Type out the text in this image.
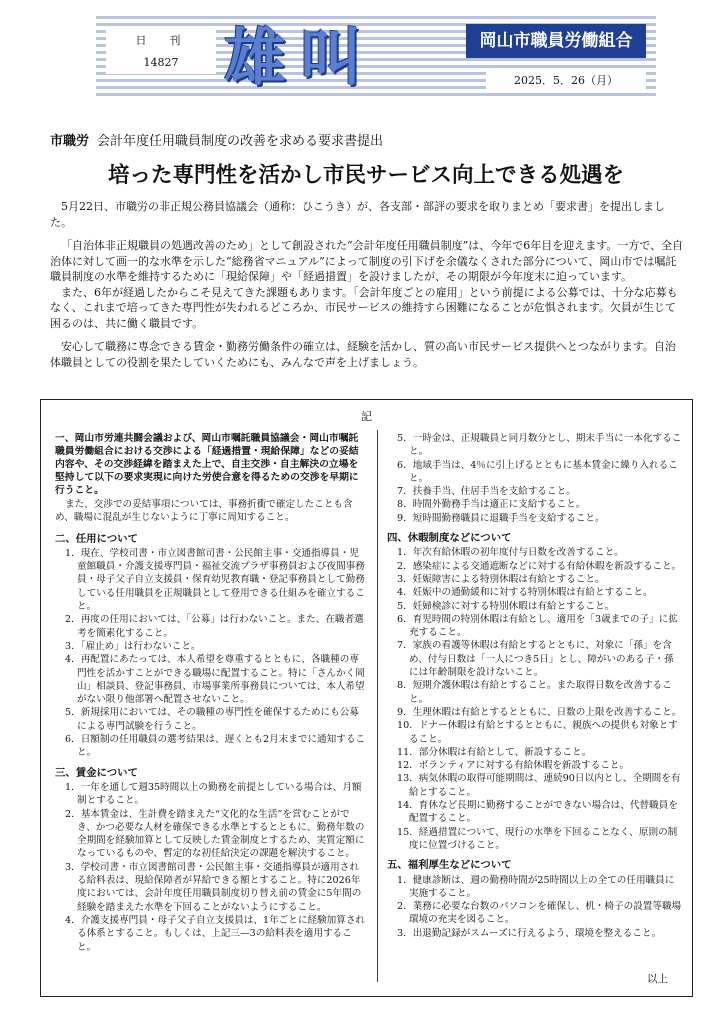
日　刊
14827 雄叫	岡山市職員労働組合
2025．5．26（月）
市職労 会計年度任用職員制度の改善を求める要求書提出
培った専門性を活かし市民サービス向上できる処遇を

5月22日、市職労の非正規公務員協議会（通称：ひこうき）が、各支部・部評の要求を取りまとめ「要求書」を提出しました。

「自治体非正規職員の処遇改善のため」として創設された“会計年度任用職員制度”は、今年で6年目を迎えます。一方で、全自治体に対して画一的な水準を示した“総務省マニュアル”によって制度の引下げを余儀なくされた部分について、岡山市では嘱託職員制度の水準を維持するために「現給保障」や「経過措置」を設けましたが、その期限が今年度末に迫っています。

また、6年が経過したからこそ見えてきた課題もあります。「会計年度ごとの雇用」という前提による公募では、十分な応募もなく、これまで培ってきた専門性が失われるどころか、市民サービスの維持すら困難になることが危惧されます。欠員が生じて困るのは、共に働く職員です。

安心して職務に専念できる賃金・勤務労働条件の確立は、経験を活かし、質の高い市民サービス提供へとつながります。自治体職員としての役割を果たしていくためにも、みんなで声を上げましょう。

記

一、岡山市労連共闘会議および、岡山市嘱託職員協議会・岡山市嘱託職員労働組合における交渉による「経過措置・現給保障」などの妥結内容や、その交渉経緯を踏まえた上で、自主交渉・自主解決の立場を堅持して以下の要求実現に向けた労使合意を得るための交渉を早期に行うこと。

また、交渉での妥結事項については、事務折衝で確定したことも含め、職場に混乱が生じないように丁寧に周知すること。

二、任用について
1．現在、学校司書・市立図書館司書・公民館主事・交通指導員・児童館職員・介護支援専門員・福祉交流プラザ事務員および夜間事務員・母子父子自立支援員・保育幼児教育職・登記事務員として勤務している任用職員を正規職員として登用できる仕組みを確立すること。
2．再度の任用においては、「公募」は行わないこと。また、在職者選考を簡素化すること。
3．「雇止め」は行わないこと。
4．再配置にあたっては、本人希望を尊重するとともに、各職種の専門性を活かすことができる職場に配置すること。特に「さんかく岡山」相談員、登記事務員、市場事業所事務員については、本人希望がない限り他部署へ配置させないこと。
5．新規採用においては、その職種の専門性を確保するためにも公募による専門試験を行うこと。
6．日額制の任用職員の選考結果は、遅くとも2月末までに通知すること。
三、賃金について
1．一年を通して週35時間以上の勤務を前提としている場合は、月額制とすること。
2．基本賃金は、生計費を踏まえた“文化的な生活”を営むことができ、かつ必要な人材を確保できる水準とするとともに、勤務年数の全期間を経験加算として反映した賃金制度とするため、実質定額になっているものや、暫定的な初任給決定の課題を解決すること。
3．学校司書・市立図書館司書・公民館主事・交通指導員が適用される給料表は、現給保障者が昇給できる額とすること。特に2026年度においては、会計年度任用職員制度切り替え前の賃金に5年間の経験を踏まえた水準を下回ることがないようにすること。
4．介護支援専門員・母子父子自立支援員は、1年ごとに経験加算される体系とすること。もしくは、上記三—3の給料表を適用すること。
5．一時金は、正規職員と同月数分とし、期末手当に一本化すること。
6．地域手当は、4％に引上げるとともに基本賃金に繰り入れること。
7．扶養手当、住居手当を支給すること。
8．時間外勤務手当は適正に支給すること。
9．短時間勤務職員に退職手当を支給すること。
四、休暇制度などについて
1．年次有給休暇の初年度付与日数を改善すること。
2．感染症による交通遮断などに対する有給休暇を新設すること。
3．妊娠障害による特別休暇は有給とすること。
4．妊娠中の通勤緩和に対する特別休暇は有給とすること。
5．妊婦検診に対する特別休暇は有給とすること。
6．育児時間の特別休暇は有給とし、適用を「3歳までの子」に拡充すること。
7．家族の看護等休暇は有給とするとともに、対象に「孫」を含め、付与日数は「一人につき5日」とし、障がいのある子・孫には年齢制限を設けないこと。
8．短期介護休暇は有給とすること。また取得日数を改善すること。
9．生理休暇は有給とするとともに、日数の上限を改善すること。
10．ドナー休暇は有給とするとともに、親族への提供も対象とすること。
11．部分休暇は有給として、新設すること。
12．ボランティアに対する有給休暇を新設すること。
13．病気休暇の取得可能期間は、連続90日以内とし、全期間を有給とすること。
14．育休など長期に勤務することができない場合は、代替職員を配置すること。
15．経過措置について、現行の水準を下回ることなく、原則の制度に位置づけること。
五、福利厚生などについて
1．健康診断は、週の勤務時間が25時間以上の全ての任用職員に実施すること。
2．業務に必要な台数のパソコンを確保し、机・椅子の設置等職場環境の充実を図ること。
3．出退勤記録がスムーズに行えるよう、環境を整えること。
以上
